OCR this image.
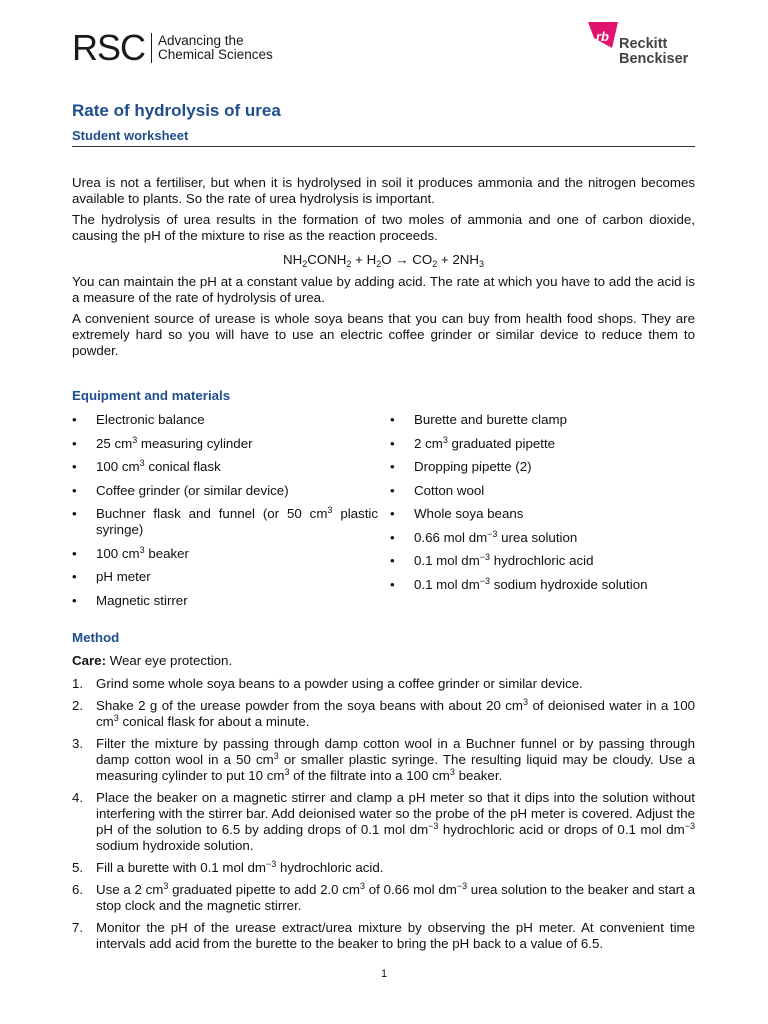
RSC Advancing the
Chemical Sciences
rb Reckitt
Benckiser
Rate of hydrolysis of urea
Student worksheet

Urea is not a fertiliser, but when it is hydrolysed in soil it produces ammonia and the nitrogen becomes available to plants. So the rate of urea hydrolysis is important.

The hydrolysis of urea results in the formation of two moles of ammonia and one of carbon dioxide, causing the pH of the mixture to rise as the reaction proceeds.

$NH_2CONH_2 + H_2O \to CO_2 + 2NH_3$

You can maintain the pH at a constant value by adding acid. The rate at which you have to add the acid is a measure of the rate of hydrolysis of urea.

A convenient source of urease is whole soya beans that you can buy from health food shops. They are extremely hard so you will have to use an electric coffee grinder or similar device to reduce them to powder.

Equipment and materials
• Electronic balance
• 25 $cm^3$ measuring cylinder
• 100 $cm^3$ conical flask
• Coffee grinder (or similar device)
• Buchner flask and funnel (or 50 $cm^3$ plastic syringe)
• 100 $cm^3$ beaker
• pH meter
• Magnetic stirrer
• Burette and burette clamp
• 2 $cm^3$ graduated pipette
• Dropping pipette (2)
• Cotton wool
• Whole soya beans
• 0.66 mol $dm^{-3}$ urea solution
• 0.1 mol $dm^{-3}$ hydrochloric acid
• 0.1 mol $dm^{-3}$ sodium hydroxide solution
Method
Care: Wear eye protection.
1. Grind some whole soya beans to a powder using a coffee grinder or similar device.
2. Shake 2 g of the urease powder from the soya beans with about 20 $cm^3$ of deionised water in a 100 $cm^3$ conical flask for about a minute.
3. Filter the mixture by passing through damp cotton wool in a Buchner funnel or by passing through damp cotton wool in a 50 $cm^3$ or smaller plastic syringe. The resulting liquid may be cloudy. Use a measuring cylinder to put 10 $cm^3$ of the filtrate into a 100 $cm^3$ beaker.
4. Place the beaker on a magnetic stirrer and clamp a pH meter so that it dips into the solution without interfering with the stirrer bar. Add deionised water so the probe of the pH meter is covered. Adjust the pH of the solution to 6.5 by adding drops of 0.1 mol $dm^{-3}$ hydrochloric acid or drops of 0.1 mol $dm^{-3}$ sodium hydroxide solution.
5. Fill a burette with 0.1 mol $dm^{-3}$ hydrochloric acid.
6. Use a 2 $cm^3$ graduated pipette to add 2.0 $cm^3$ of 0.66 mol $dm^{-3}$ urea solution to the beaker and start a stop clock and the magnetic stirrer.
7. Monitor the pH of the urease extract/urea mixture by observing the pH meter. At convenient time intervals add acid from the burette to the beaker to bring the pH back to a value of 6.5.
1
